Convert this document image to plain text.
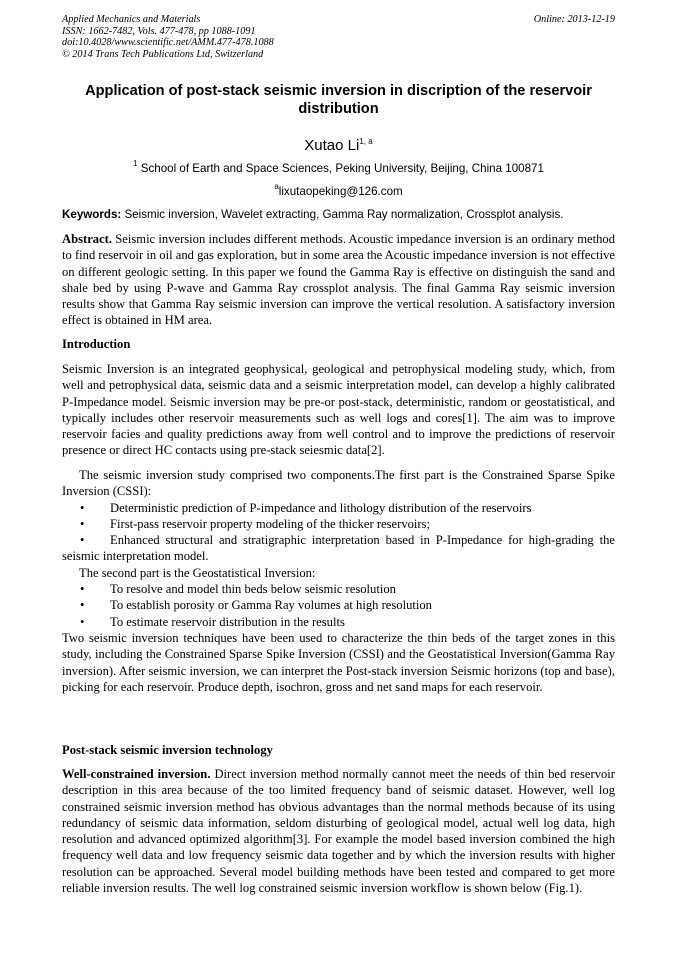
Applied Mechanics and Materials
ISSN: 1662-7482, Vols. 477-478, pp 1088-1091
doi:10.4028/www.scientific.net/AMM.477-478.1088
© 2014 Trans Tech Publications Ltd, Switzerland
Online: 2013-12-19
Application of post-stack seismic inversion in discription of the reservoir distribution
Xutao Li$^{1, a}$
$^1$ School of Earth and Space Sciences, Peking University, Beijing, China 100871
$^a$lixutaopeking@126.com
Keywords: Seismic inversion, Wavelet extracting, Gamma Ray normalization, Crossplot analysis.
Abstract. Seismic inversion includes different methods. Acoustic impedance inversion is an ordinary method to find reservoir in oil and gas exploration, but in some area the Acoustic impedance inversion is not effective on different geologic setting. In this paper we found the Gamma Ray is effective on distinguish the sand and shale bed by using P-wave and Gamma Ray crossplot analysis. The final Gamma Ray seismic inversion results show that Gamma Ray seismic inversion can improve the vertical resolution. A satisfactory inversion effect is obtained in HM area.
Introduction
Seismic Inversion is an integrated geophysical, geological and petrophysical modeling study, which, from well and petrophysical data, seismic data and a seismic interpretation model, can develop a highly calibrated P-Impedance model. Seismic inversion may be pre-or post-stack, deterministic, random or geostatistical, and typically includes other reservoir measurements such as well logs and cores[1]. The aim was to improve reservoir facies and quality predictions away from well control and to improve the predictions of reservoir presence or direct HC contacts using pre-stack seiesmic data[2].

The seismic inversion study comprised two components.The first part is the Constrained Sparse Spike Inversion (CSSI):

•	Deterministic prediction of P-impedance and lithology distribution of the reservoirs

•	First-pass reservoir property modeling of the thicker reservoirs;

• Enhanced structural and stratigraphic interpretation based in P-Impedance for high-grading the seismic interpretation model.

The second part is the Geostatistical Inversion:

•	To resolve and model thin beds below seismic resolution

•	To establish porosity or Gamma Ray volumes at high resolution

•	To estimate reservoir distribution in the results

Two seismic inversion techniques have been used to characterize the thin beds of the target zones in this study, including the Constrained Sparse Spike Inversion (CSSI) and the Geostatistical Inversion(Gamma Ray inversion). After seismic inversion, we can interpret the Post-stack inversion Seismic horizons (top and base), picking for each reservoir. Produce depth, isochron, gross and net sand maps for each reservoir.

Post-stack seismic inversion technology
Well-constrained inversion. Direct inversion method normally cannot meet the needs of thin bed reservoir description in this area because of the too limited frequency band of seismic dataset. However, well log constrained seismic inversion method has obvious advantages than the normal methods because of its using redundancy of seismic data information, seldom disturbing of geological model, actual well log data, high resolution and advanced optimized algorithm[3]. For example the model based inversion combined the high frequency well data and low frequency seismic data together and by which the inversion results with higher resolution can be approached. Several model building methods have been tested and compared to get more reliable inversion results. The well log constrained seismic inversion workflow is shown below (Fig.1).
